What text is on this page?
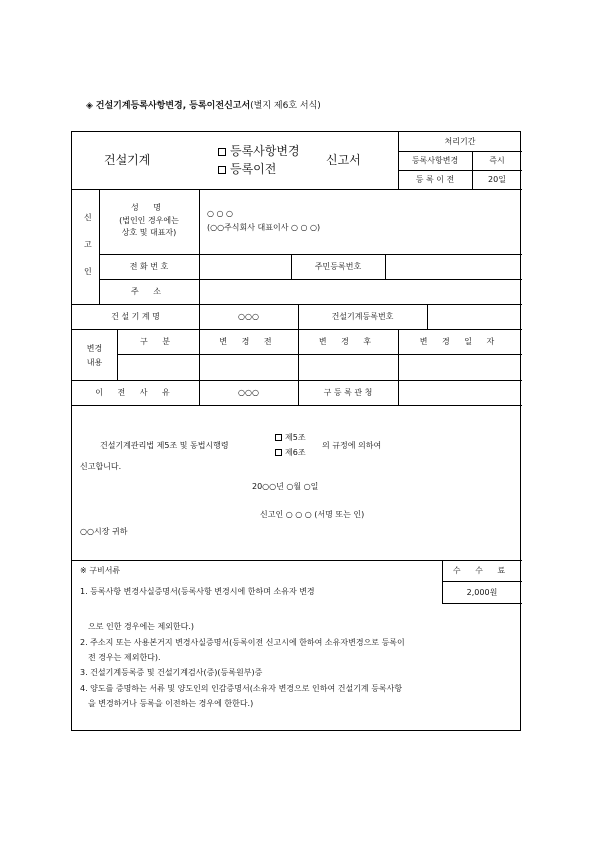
◈ 건설기계등록사항변경, 등록이전신고서(별지 제6호 서식)
건설기계
등록사항변경
등록이전
신고서
처리기간
등록사항변경	즉시
등 록 이 전	20일
신
고
인
성 명
(법인인 경우에는
상호 및 대표자)
○ ○ ○
(○○주식회사 대표이사 ○ ○ ○)
전 화 번 호	주민등록번호
주 소
건 설 기 계 명	○○○	건설기계등록번호
변경
내용
구 분	변 경 전	변 경 후	변 경 일 자
이 전 사 유	○○○	구 등 록 관 청
건설기계관리법 제5조 및 동법시행령
제5조
제6조
의 규정에 의하여
신고합니다.
20○○년 ○월 ○일
신고인 ○ ○ ○ (서명 또는 인)
○○시장 귀하
※ 구비서류	수 수 료
2,000원
1. 등록사항 변경사실증명서(등록사항 변경시에 한하며 소유자 변경
으로 인한 경우에는 제외한다.)
2. 주소지 또는 사용본거지 변경사실증명서(등록이전 신고시에 한하여 소유자변경으로 등록이
전 경우는 제외한다).
3. 건설기계등록증 및 건설기계검사(증)(등록원부)증
4. 양도를 증명하는 서류 및 양도인의 인감증명서(소유자 변경으로 인하여 건설기계 등록사항
을 변경하거나 등록을 이전하는 경우에 한한다.)
